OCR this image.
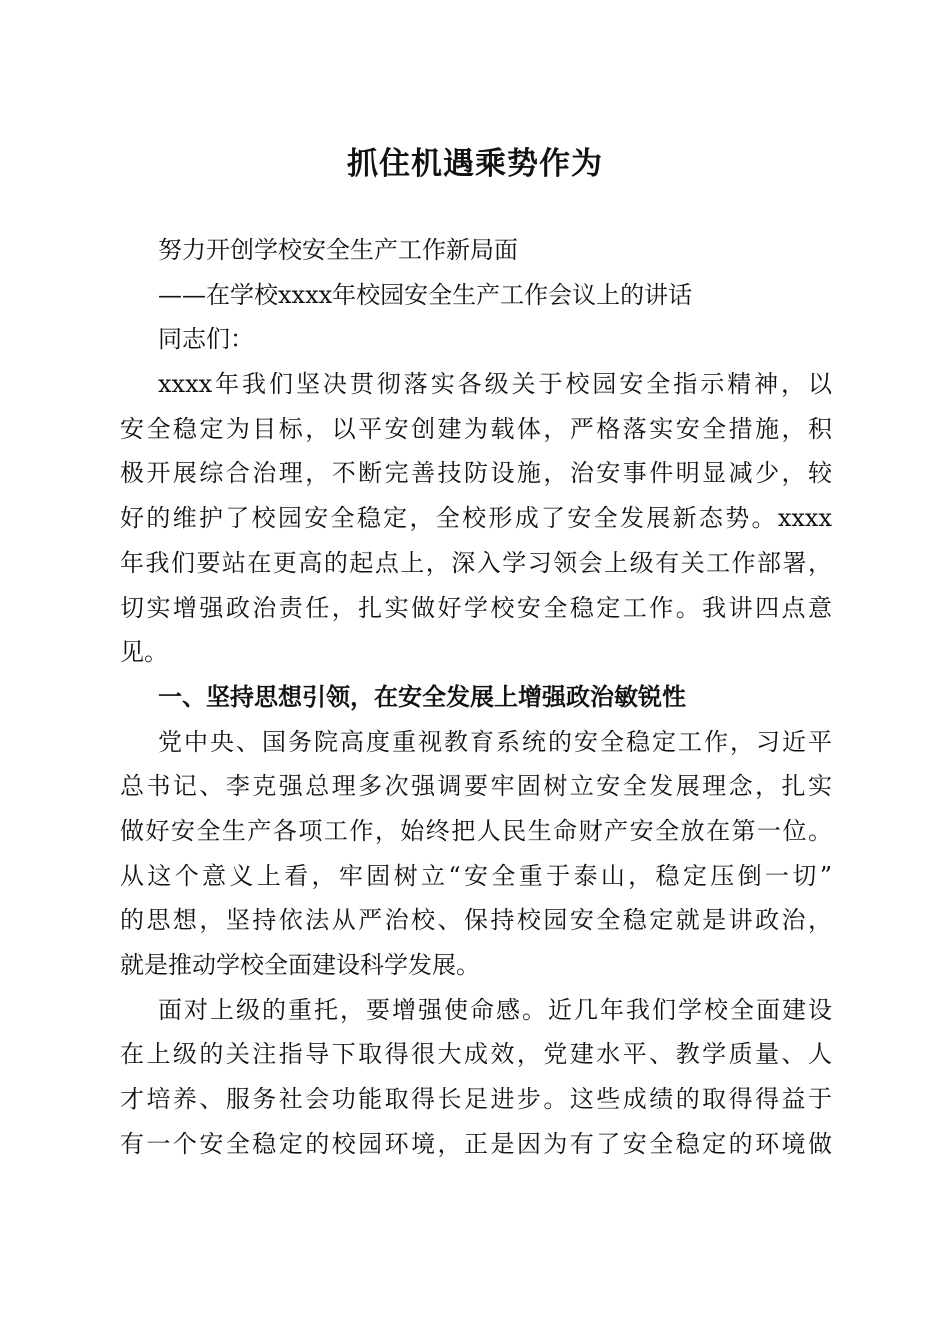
抓住机遇乘势作为
努力开创学校安全生产工作新局面
——在学校xxxx年校园安全生产工作会议上的讲话
同志们：
xxxx年我们坚决贯彻落实各级关于校园安全指示精神，以
安全稳定为目标，以平安创建为载体，严格落实安全措施，积
极开展综合治理，不断完善技防设施，治安事件明显减少，较
好的维护了校园安全稳定，全校形成了安全发展新态势。xxxx
年我们要站在更高的起点上，深入学习领会上级有关工作部署，
切实增强政治责任，扎实做好学校安全稳定工作。我讲四点意
见。
一、坚持思想引领，在安全发展上增强政治敏锐性
党中央、国务院高度重视教育系统的安全稳定工作，习近平
总书记、李克强总理多次强调要牢固树立安全发展理念，扎实
做好安全生产各项工作，始终把人民生命财产安全放在第一位。
从这个意义上看，牢固树立“安全重于泰山，稳定压倒一切”
的思想，坚持依法从严治校、保持校园安全稳定就是讲政治，
就是推动学校全面建设科学发展。
面对上级的重托，要增强使命感。近几年我们学校全面建设
在上级的关注指导下取得很大成效，党建水平、教学质量、人
才培养、服务社会功能取得长足进步。这些成绩的取得得益于
有一个安全稳定的校园环境，正是因为有了安全稳定的环境做
